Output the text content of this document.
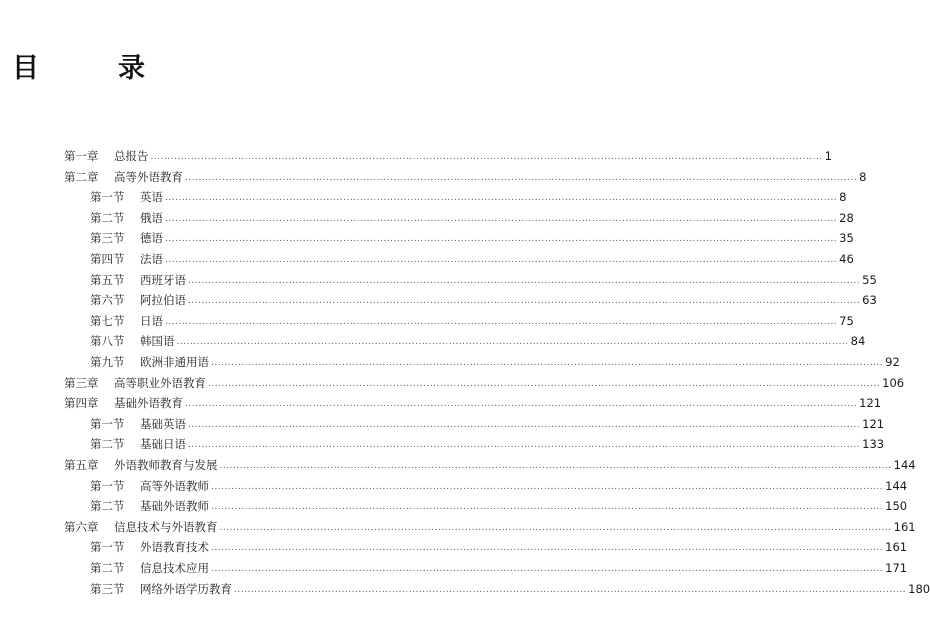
目　录
第一章	总报告 ........................................................................................................................................................................................................ 1
第二章	高等外语教育 ........................................................................................................................................................................................................ 8
第一节	英语 ........................................................................................................................................................................................................ 8
第二节	俄语 ........................................................................................................................................................................................................ 28
第三节	德语 ........................................................................................................................................................................................................ 35
第四节	法语 ........................................................................................................................................................................................................ 46
第五节	西班牙语 ........................................................................................................................................................................................................ 55
第六节	阿拉伯语 ........................................................................................................................................................................................................ 63
第七节	日语 ........................................................................................................................................................................................................ 75
第八节	韩国语 ........................................................................................................................................................................................................ 84
第九节	欧洲非通用语 ........................................................................................................................................................................................................ 92
第三章	高等职业外语教育 ........................................................................................................................................................................................................ 106
第四章	基础外语教育 ........................................................................................................................................................................................................ 121
第一节	基础英语 ........................................................................................................................................................................................................ 121
第二节	基础日语 ........................................................................................................................................................................................................ 133
第五章	外语教师教育与发展 ........................................................................................................................................................................................................ 144
第一节	高等外语教师 ........................................................................................................................................................................................................ 144
第二节	基础外语教师 ........................................................................................................................................................................................................ 150
第六章	信息技术与外语教育 ........................................................................................................................................................................................................ 161
第一节	外语教育技术 ........................................................................................................................................................................................................ 161
第二节	信息技术应用 ........................................................................................................................................................................................................ 171
第三节	网络外语学历教育 ........................................................................................................................................................................................................ 180
